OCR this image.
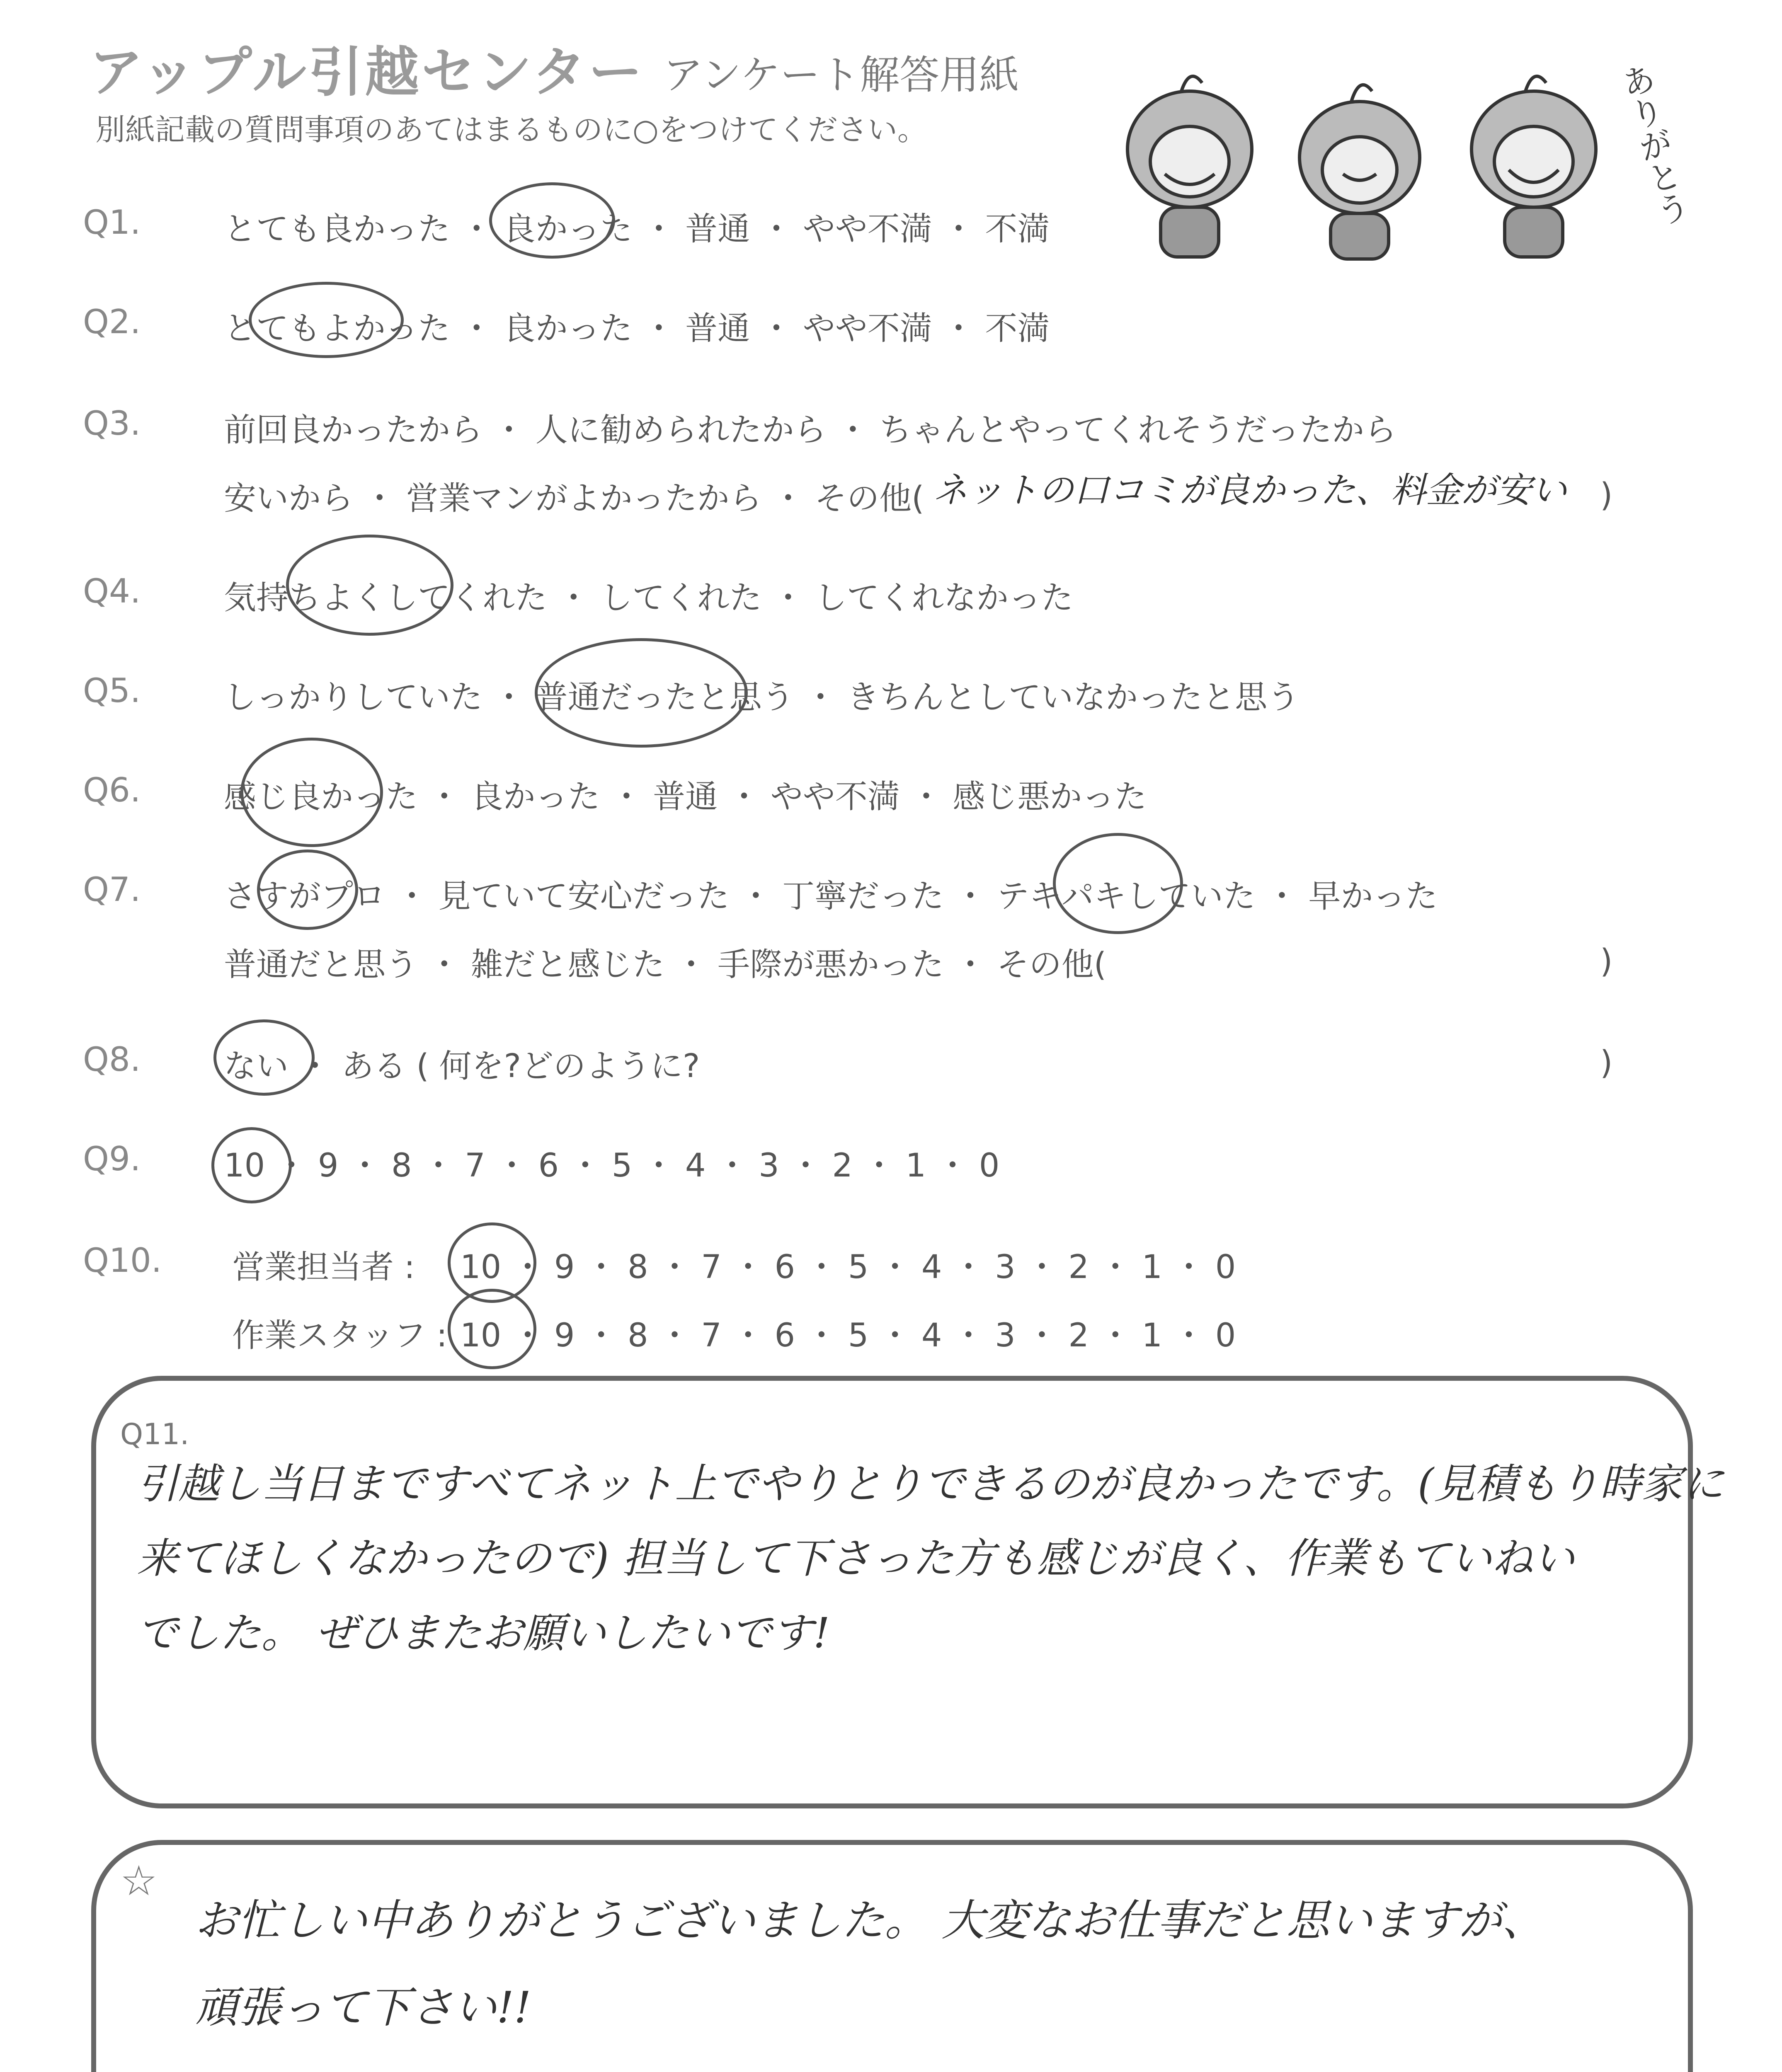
アップル引越センター アンケート解答用紙
別紙記載の質問事項のあてはまるものに○をつけてください。	ありがとう
Q1.	とても良かった ・ 良かった ・ 普通 ・ やや不満 ・ 不満
Q2.	とてもよかった ・ 良かった ・ 普通 ・ やや不満 ・ 不満
Q3.	前回良かったから ・ 人に勧められたから ・ ちゃんとやってくれそうだったから
安いから ・ 営業マンがよかったから ・ その他( ネットの口コミが良かった、料金が安い )
Q4.	気持ちよくしてくれた ・ してくれた ・ してくれなかった
Q5.	しっかりしていた ・ 普通だったと思う ・ きちんとしていなかったと思う
Q6.	感じ良かった ・ 良かった ・ 普通 ・ やや不満 ・ 感じ悪かった
Q7.	さすがプロ ・ 見ていて安心だった ・ 丁寧だった ・ テキパキしていた ・ 早かった
普通だと思う ・ 雑だと感じた ・ 手際が悪かった ・ その他(	)
Q8.	ない ・ ある ( 何を?どのように?	)
Q9.	10 ・ 9 ・ 8 ・ 7 ・ 6 ・ 5 ・ 4 ・ 3 ・ 2 ・ 1 ・ 0
Q10. 営業担当者 : 10 ・ 9 ・ 8 ・ 7 ・ 6 ・ 5 ・ 4 ・ 3 ・ 2 ・ 1 ・ 0
作業スタッフ : 10 ・ 9 ・ 8 ・ 7 ・ 6 ・ 5 ・ 4 ・ 3 ・ 2 ・ 1 ・ 0
Q11.
引越し当日まですべてネット上でやりとりできるのが良かったです。(見積もり時家に
来てほしくなかったので) 担当して下さった方も感じが良く、作業もていねい
でした。 ぜひまたお願いしたいです!
☆
お忙しい中ありがとうございました。 大変なお仕事だと思いますが、
頑張って下さい!!
